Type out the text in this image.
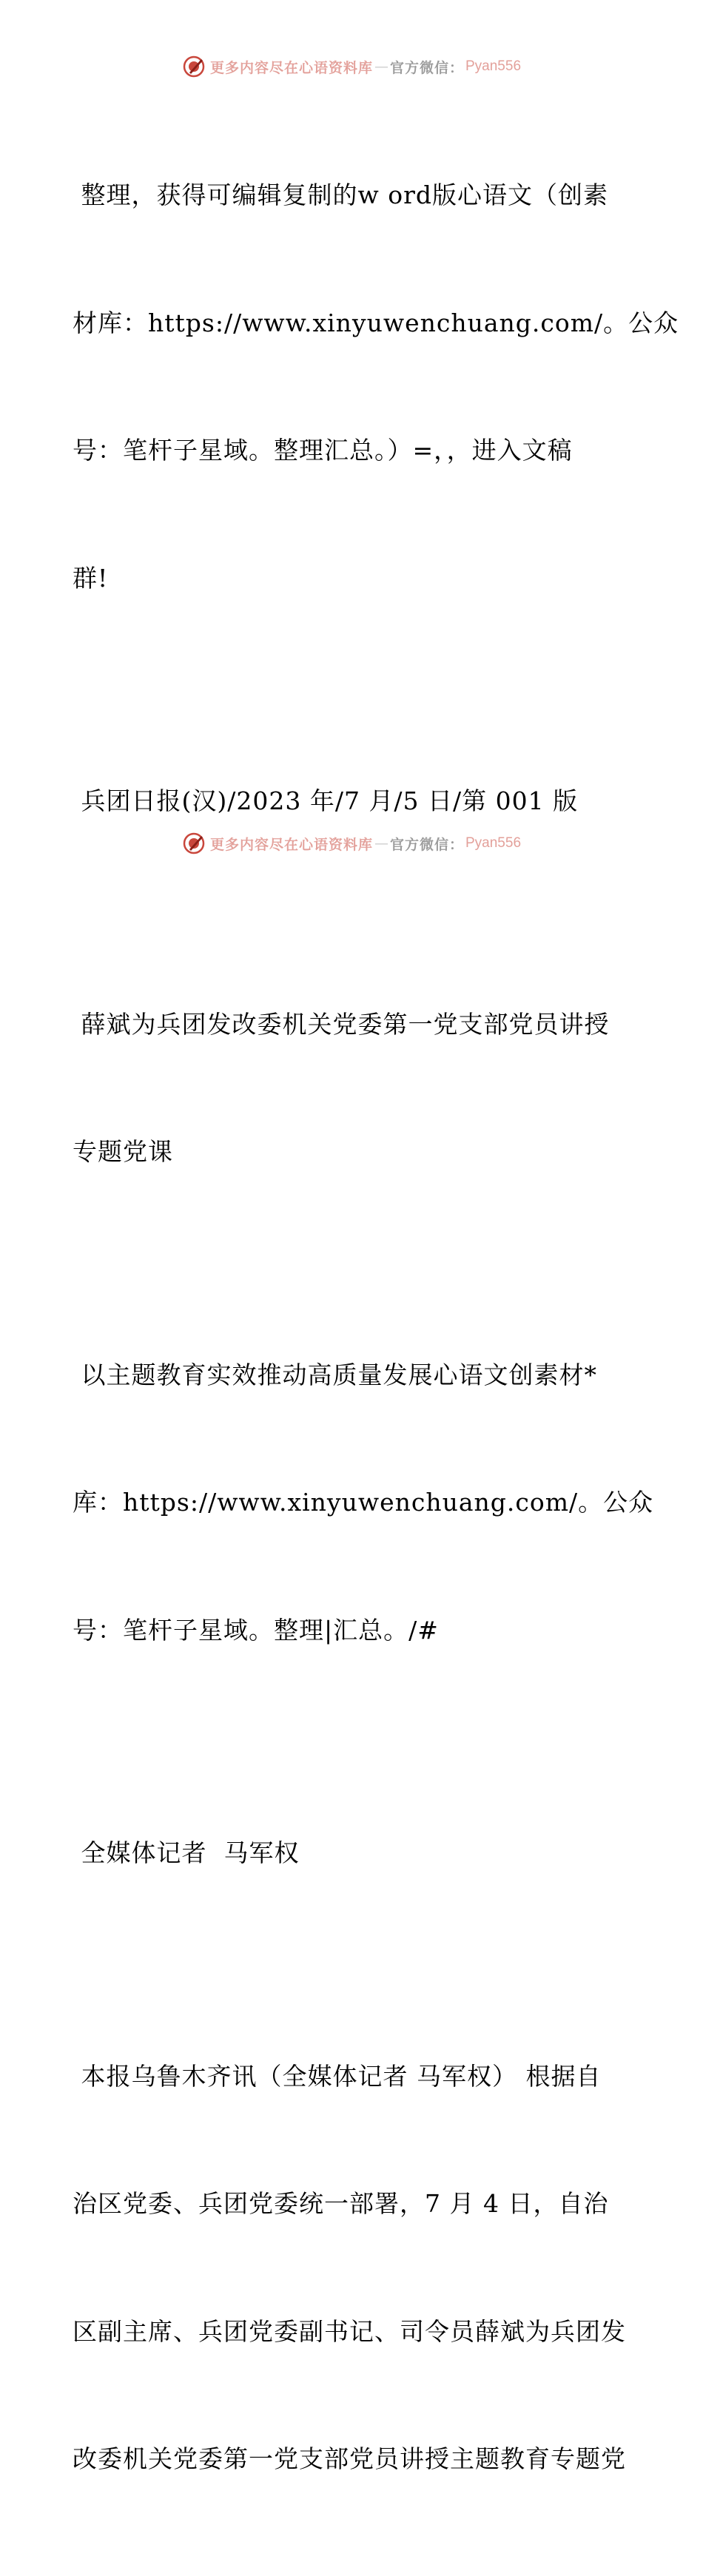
更多内容尽在心语资料库 — 官方微信： Pyan556

整理，获得可编辑复制的w ord版心语文（创素

材库：https://www.xinyuwenchuang.com/。公众

号：笔杆子星域。整理汇总。）=，，进入文稿

群!

兵团日报(汉)/2023 年/7 月/5 日/第 001 版

薛斌为兵团发改委机关党委第一党支部党员讲授

专题党课

以主题教育实效推动高质量发展心语文创素材*

库：https://www.xinyuwenchuang.com/。公众

号：笔杆子星域。整理|汇总。/#

全媒体记者  马军权

本报乌鲁木齐讯（全媒体记者 马军权） 根据自

治区党委、兵团党委统一部署，7 月 4 日，自治

区副主席、兵团党委副书记、司令员薛斌为兵团发

改委机关党委第一党支部党员讲授主题教育专题党

更多内容尽在心语资料库 — 官方微信： Pyan556
